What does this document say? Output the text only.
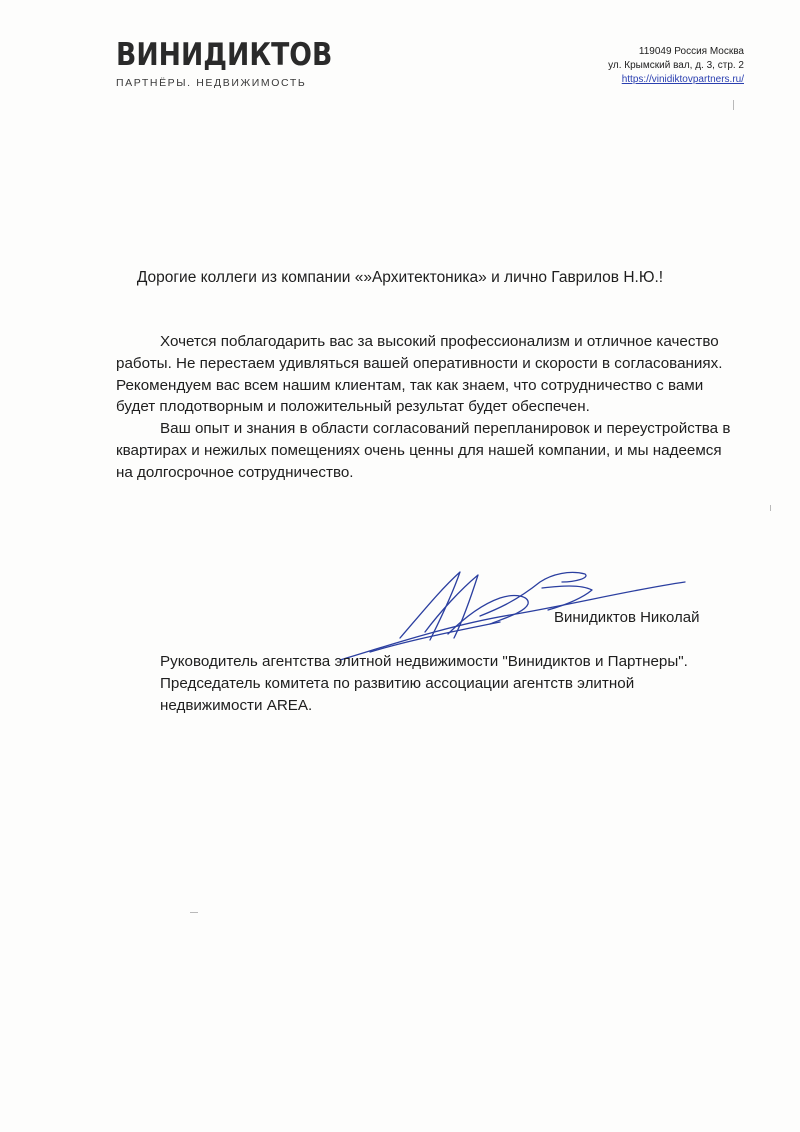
ВИНИДИКТОВ
ПАРТНЁРЫ. НЕДВИЖИМОСТЬ
119049 Россия Москва
ул. Крымский вал, д. 3, стр. 2
https://vinidiktovpartners.ru/
Дорогие коллеги из компании «»Архитектоника» и лично Гаврилов Н.Ю.!

Хочется поблагодарить вас за высокий профессионализм и отличное качество работы. Не перестаем удивляться вашей оперативности и скорости в согласованиях. Рекомендуем вас всем нашим клиентам, так как знаем, что сотрудничество с вами будет плодотворным и положительный результат будет обеспечен.

Ваш опыт и знания в области согласований перепланировок и переустройства в квартирах и нежилых помещениях очень ценны для нашей компании, и мы надеемся на долгосрочное сотрудничество.

Винидиктов Николай
Руководитель агентства элитной недвижимости "Винидиктов и Партнеры".
Председатель комитета по развитию ассоциации агентств элитной
недвижимости AREA.
